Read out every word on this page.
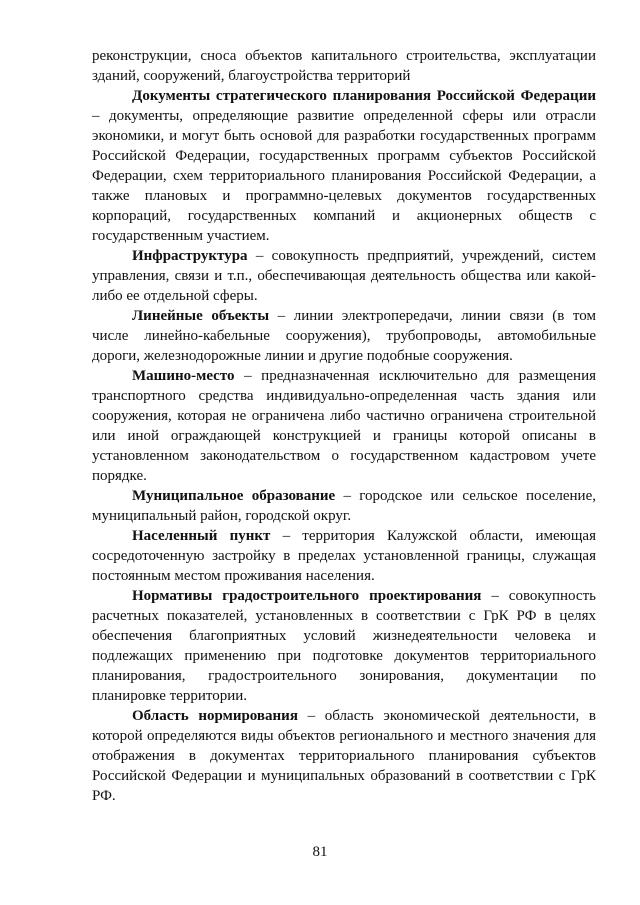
реконструкции, сноса объектов капитального строительства, эксплуатации зданий, сооружений, благоустройства территорий

Документы стратегического планирования Российской Федерации – документы, определяющие развитие определенной сферы или отрасли экономики, и могут быть основой для разработки государственных программ Российской Федерации, государственных программ субъектов Российской Федерации, схем территориального планирования Российской Федерации, а также плановых и программно-целевых документов государственных корпораций, государственных компаний и акционерных обществ с государственным участием.

Инфраструктура – совокупность предприятий, учреждений, систем управления, связи и т.п., обеспечивающая деятельность общества или какой-либо ее отдельной сферы.

Линейные объекты – линии электропередачи, линии связи (в том числе линейно-кабельные сооружения), трубопроводы, автомобильные дороги, железнодорожные линии и другие подобные сооружения.

Машино-место – предназначенная исключительно для размещения транспортного средства индивидуально-определенная часть здания или сооружения, которая не ограничена либо частично ограничена строительной или иной ограждающей конструкцией и границы которой описаны в установленном законодательством о государственном кадастровом учете порядке.

Муниципальное образование – городское или сельское поселение, муниципальный район, городской округ.

Населенный пункт – территория Калужской области, имеющая сосредоточенную застройку в пределах установленной границы, служащая постоянным местом проживания населения.

Нормативы градостроительного проектирования – совокупность расчетных показателей, установленных в соответствии с ГрК РФ в целях обеспечения благоприятных условий жизнедеятельности человека и подлежащих применению при подготовке документов территориального планирования, градостроительного зонирования, документации по планировке территории.

Область нормирования – область экономической деятельности, в которой определяются виды объектов регионального и местного значения для отображения в документах территориального планирования субъектов Российской Федерации и муниципальных образований в соответствии с ГрК РФ.

81
